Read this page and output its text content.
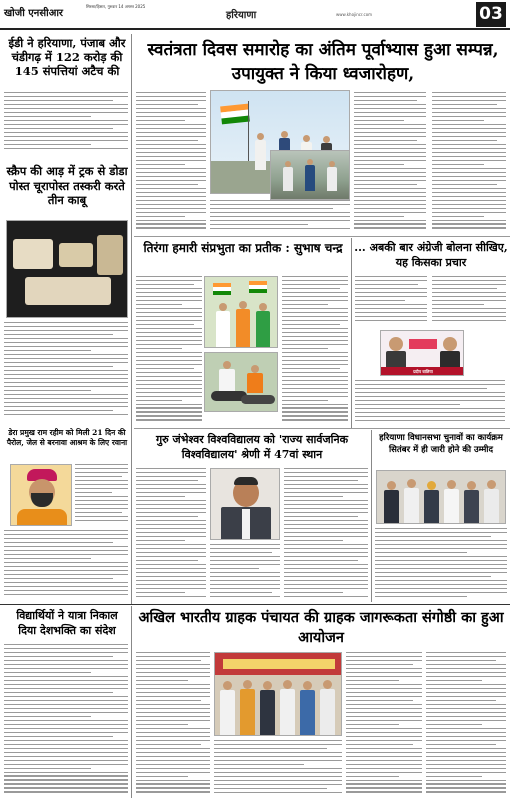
खोजी एनसीआर
सिरसा/हिसार, गुरुवार 14 अगस्त 2025
हरियाणा	www.khojincr.com	03
ईडी ने हरियाणा, पंजाब और चंडीगढ़ में 122 करोड़ की 145 संपत्तियां अटैच की
स्क्रैप की आड़ में ट्रक से डोडा पोस्त चूरापोस्त तस्करी करते तीन काबू
डेरा प्रमुख राम रहीम को मिली 21 दिन की पैरोल, जेल से बरनावा आश्रम के लिए रवाना
स्वतंत्रता दिवस समारोह का अंतिम पूर्वाभ्यास हुआ सम्पन्न, उपायुक्त ने किया ध्वजारोहण,
तिरंगा हमारी संप्रभुता का प्रतीक : सुभाष चन्द्र	... अबकी बार अंग्रेजी बोलना सीखिए, यह किसका प्रचार
प्रदीप वालिया
गुरु जंभेश्वर विश्वविद्यालय को 'राज्य सार्वजनिक विश्वविद्यालय' श्रेणी में 47वां स्थान
हरियाणा विधानसभा चुनावों का कार्यक्रम सितंबर में ही जारी होने की उम्मीद
विद्यार्थियों ने यात्रा निकाल दिया देशभक्ति का संदेश
अखिल भारतीय ग्राहक पंचायत की ग्राहक जागरूकता संगोष्ठी का हुआ आयोजन
